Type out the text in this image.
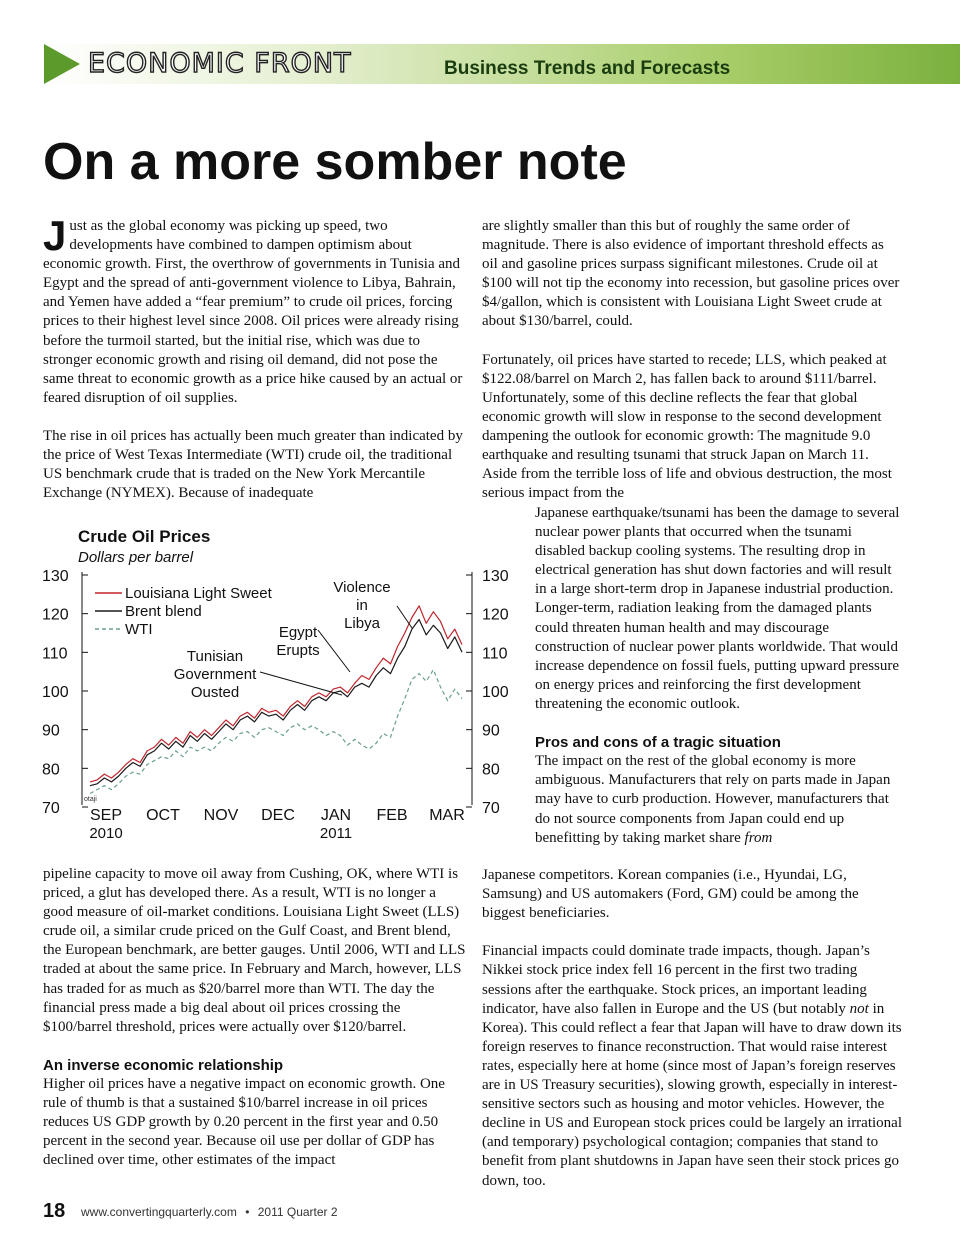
ECONOMIC FRONT	Business Trends and Forecasts
On a more somber note

Just as the global economy was picking up speed, two developments have combined to dampen optimism about economic growth. First, the overthrow of governments in Tunisia and Egypt and the spread of anti-government violence to Libya, Bahrain, and Yemen have added a “fear premium” to crude oil prices, forcing prices to their highest level since 2008. Oil prices were already rising before the turmoil started, but the initial rise, which was due to stronger economic growth and rising oil demand, did not pose the same threat to economic growth as a price hike caused by an actual or feared disruption of oil supplies.

The rise in oil prices has actually been much greater than indicated by the price of West Texas Intermediate (WTI) crude oil, the traditional US benchmark crude that is traded on the New York Mercantile Exchange (NYMEX). Because of inadequate

pipeline capacity to move oil away from Cushing, OK, where WTI is priced, a glut has developed there. As a result, WTI is no longer a good measure of oil-market conditions. Louisiana Light Sweet (LLS) crude oil, a similar crude priced on the Gulf Coast, and Brent blend, the European benchmark, are better gauges. Until 2006, WTI and LLS traded at about the same price. In February and March, however, LLS has traded for as much as $20/barrel more than WTI. The day the financial press made a big deal about oil prices crossing the $100/barrel threshold, prices were actually over $120/barrel.

An inverse economic relationship

Higher oil prices have a negative impact on economic growth. One rule of thumb is that a sustained $10/barrel increase in oil prices reduces US GDP growth by 0.20 percent in the first year and 0.50 percent in the second year. Because oil use per dollar of GDP has declined over time, other estimates of the impact

are slightly smaller than this but of roughly the same order of magnitude. There is also evidence of important threshold effects as oil and gasoline prices surpass significant milestones. Crude oil at $100 will not tip the economy into recession, but gasoline prices over $4/gallon, which is consistent with Louisiana Light Sweet crude at about $130/barrel, could.

Fortunately, oil prices have started to recede; LLS, which peaked at $122.08/barrel on March 2, has fallen back to around $111/barrel. Unfortunately, some of this decline reflects the fear that global economic growth will slow in response to the second development dampening the outlook for economic growth: The magnitude 9.0 earthquake and resulting tsunami that struck Japan on March 11. Aside from the terrible loss of life and obvious destruction, the most serious impact from the

Japanese earthquake/tsunami has been the damage to several nuclear power plants that occurred when the tsunami disabled backup cooling systems. The resulting drop in electrical generation has shut down factories and will result in a large short-term drop in Japanese industrial production. Longer-term, radiation leaking from the damaged plants could threaten human health and may discourage construction of nuclear power plants worldwide. That would increase dependence on fossil fuels, putting upward pressure on energy prices and reinforcing the first development threatening the economic outlook.

Pros and cons of a tragic situation

The impact on the rest of the global economy is more ambiguous. Manufacturers that rely on parts made in Japan may have to curb production. However, manufacturers that do not source components from Japan could end up benefitting by taking market share from

Japanese competitors. Korean companies (i.e., Hyundai, LG, Samsung) and US automakers (Ford, GM) could be among the biggest beneficiaries.

Financial impacts could dominate trade impacts, though. Japan’s Nikkei stock price index fell 16 percent in the first two trading sessions after the earthquake. Stock prices, an important leading indicator, have also fallen in Europe and the US (but notably not in Korea). This could reflect a fear that Japan will have to draw down its foreign reserves to finance reconstruction. That would raise interest rates, especially here at home (since most of Japan’s foreign reserves are in US Treasury securities), slowing growth, especially in interest-sensitive sectors such as housing and motor vehicles. However, the decline in US and European stock prices could be largely an irrational (and temporary) psychological contagion; companies that stand to benefit from plant shutdowns in Japan have seen their stock prices go down, too.

Crude Oil Prices
Dollars per barrel
130
120
110
100
90
80
70
130
120
110
100
90
80
70
Louisiana Light Sweet
Brent blend
WTI
Tunisian
Government
Ousted
Egypt
Erupts
Violence
in
Libya
otaji
SEP OCT NOV DEC JAN FEB MAR
2010	2011
18 www.convertingquarterly.com • 2011 Quarter 2
